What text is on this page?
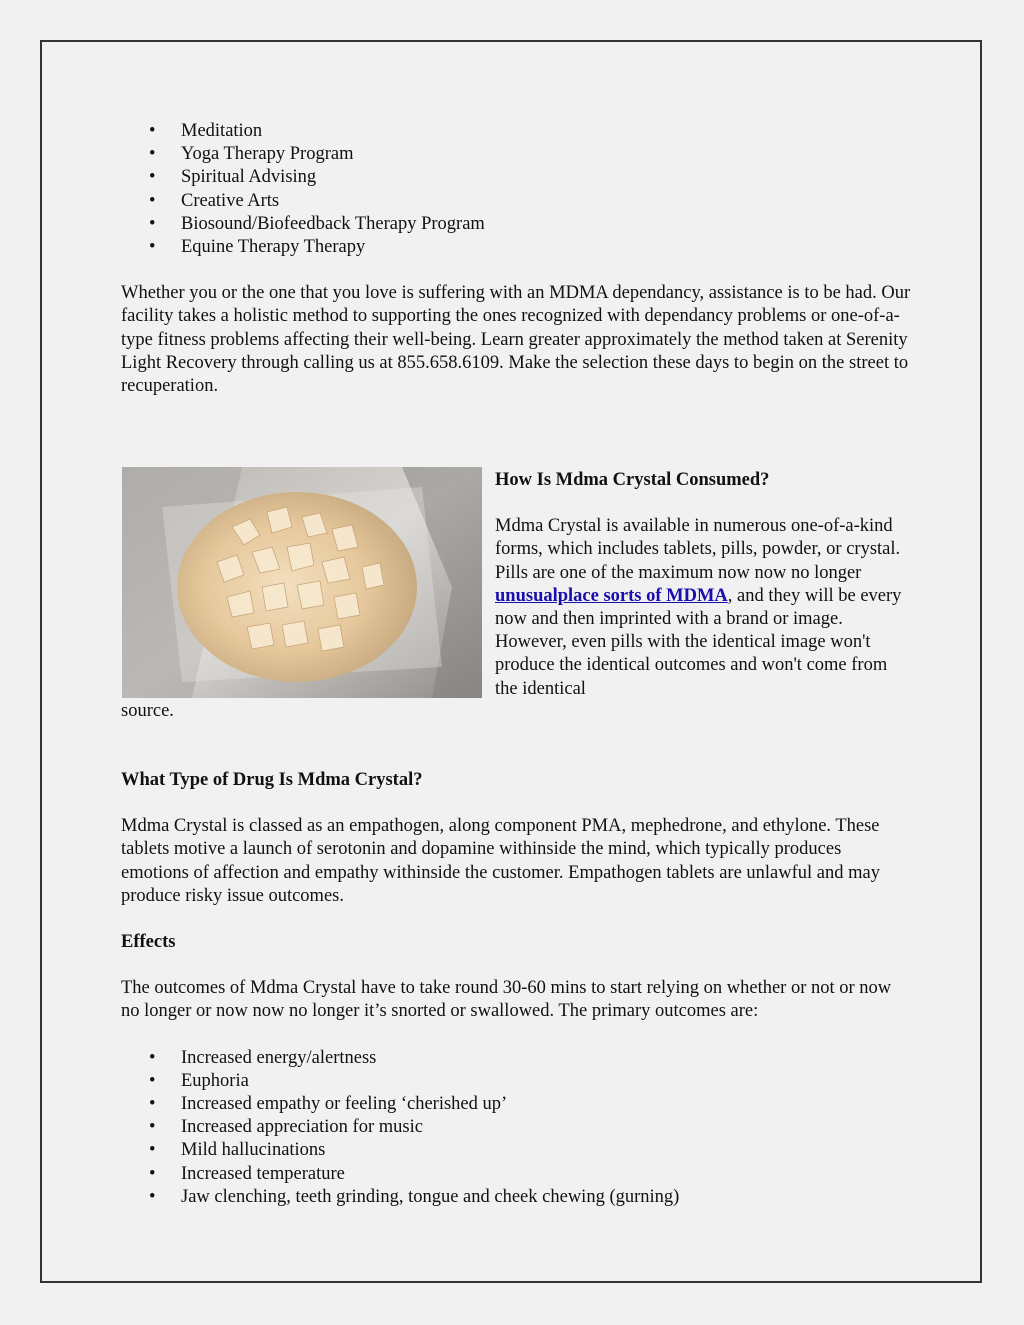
• Meditation
• Yoga Therapy Program
• Spiritual Advising
• Creative Arts
• Biosound/Biofeedback Therapy Program
• Equine Therapy Therapy

Whether you or the one that you love is suffering with an MDMA dependancy, assistance is to be had. Our facility takes a holistic method to supporting the ones recognized with dependancy problems or one-of-a-type fitness problems affecting their well-being. Learn greater approximately the method taken at Serenity Light Recovery through calling us at 855.658.6109. Make the selection these days to begin on the street to recuperation.

How Is Mdma Crystal Consumed?

Mdma Crystal is available in numerous one-of-a-kind forms, which includes tablets, pills, powder, or crystal. Pills are one of the maximum now now no longer unusualplace sorts of MDMA, and they will be every now and then imprinted with a brand or image. However, even pills with the identical image won't produce the identical outcomes and won't come from the identical

source.

What Type of Drug Is Mdma Crystal?

Mdma Crystal is classed as an empathogen, along component PMA, mephedrone, and ethylone. These tablets motive a launch of serotonin and dopamine withinside the mind, which typically produces emotions of affection and empathy withinside the customer. Empathogen tablets are unlawful and may produce risky issue outcomes.

Effects

The outcomes of Mdma Crystal have to take round 30-60 mins to start relying on whether or not or now no longer or now now no longer it’s snorted or swallowed. The primary outcomes are:

• Increased energy/alertness
• Euphoria
• Increased empathy or feeling ‘cherished up’
• Increased appreciation for music
• Mild hallucinations
• Increased temperature
• Jaw clenching, teeth grinding, tongue and cheek chewing (gurning)
